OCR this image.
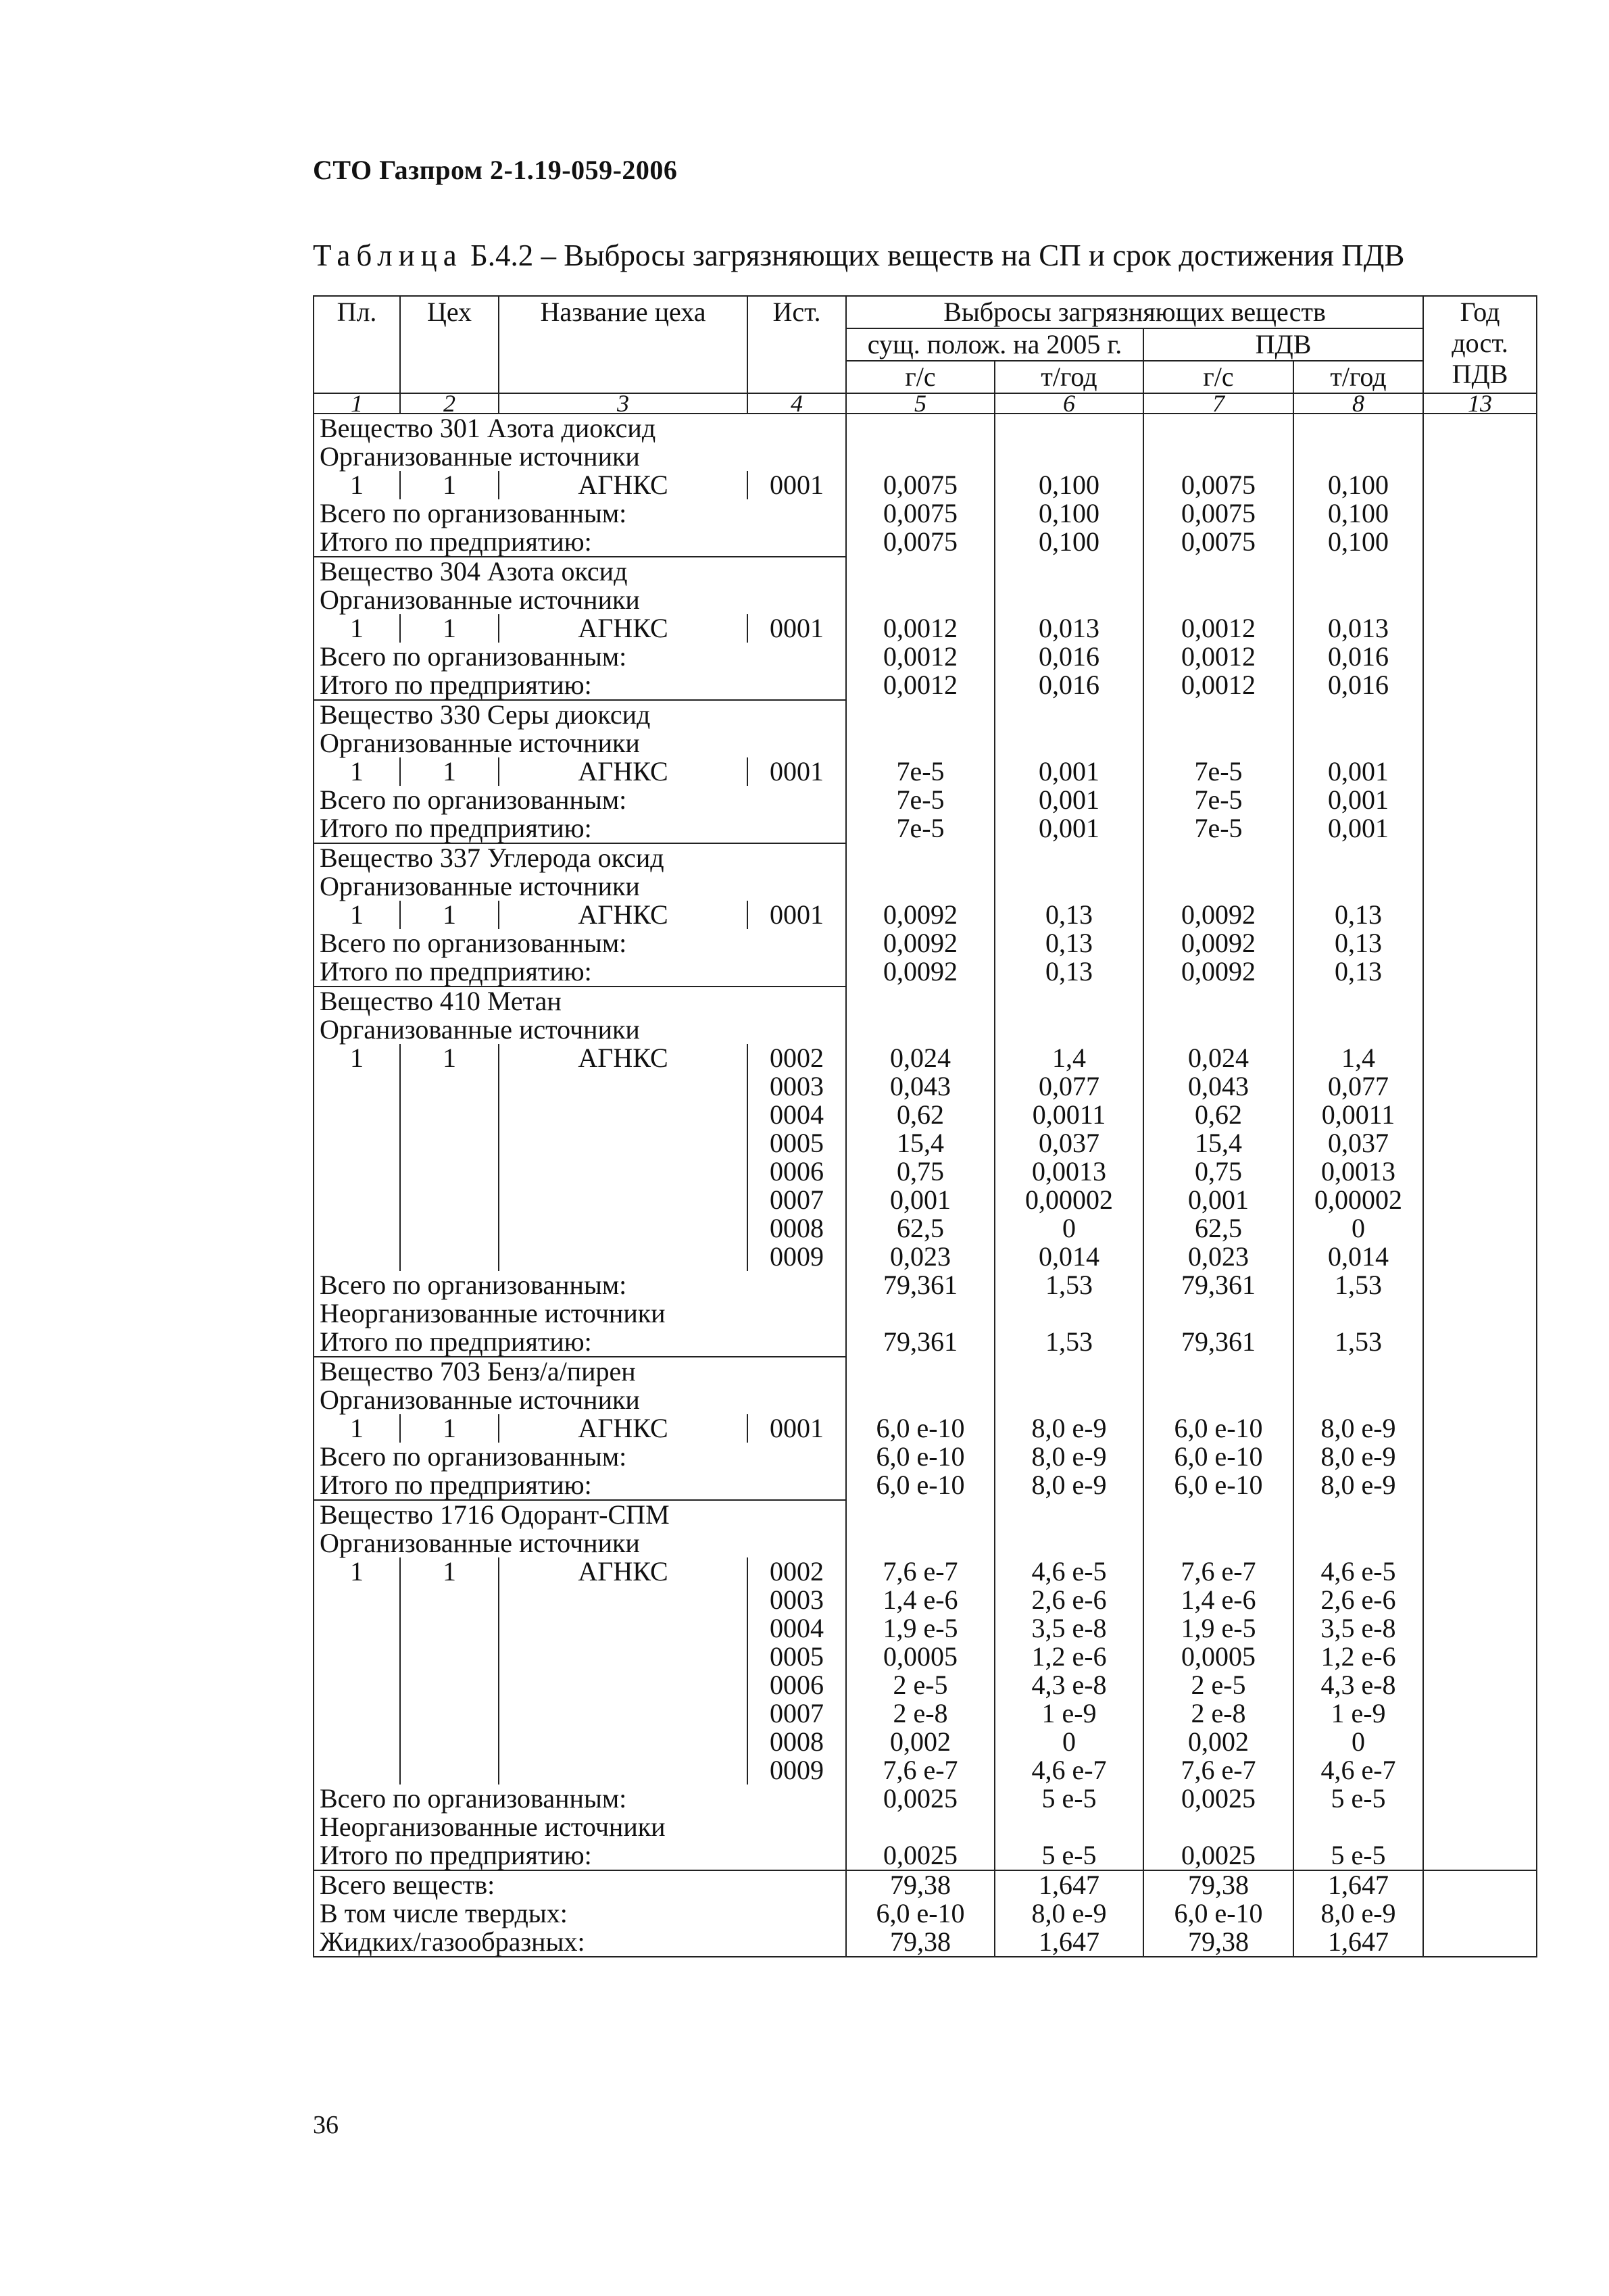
СТО Газпром 2-1.19-059-2006
Таблица Б.4.2 – Выбросы загрязняющих веществ на СП и срок достижения ПДВ
Пл.	Цех	Название цеха	Ист.	Выбросы загрязняющих веществ				Год дост. ПДВ
				сущ. полож. на 2005 г.		ПДВ		
				г/с	т/год	г/с	т/год	
1	2	3	4	5	6	7	8	13
Вещество 301 Азота диоксид								
Организованные источники								
1	1	АГНКС	0001	0,0075	0,100	0,0075	0,100	
Всего по организованным:				0,0075	0,100	0,0075	0,100	
Итого по предприятию:				0,0075	0,100	0,0075	0,100	
Вещество 304 Азота оксид								
Организованные источники								
1	1	АГНКС	0001	0,0012	0,013	0,0012	0,013	
Всего по организованным:				0,0012	0,016	0,0012	0,016	
Итого по предприятию:				0,0012	0,016	0,0012	0,016	
Вещество 330 Серы диоксид								
Организованные источники								
1	1	АГНКС	0001	7е-5	0,001	7е-5	0,001	
Всего по организованным:				7е-5	0,001	7е-5	0,001	
Итого по предприятию:				7е-5	0,001	7е-5	0,001	
Вещество 337 Углерода оксид								
Организованные источники								
1	1	АГНКС	0001	0,0092	0,13	0,0092	0,13	
Всего по организованным:				0,0092	0,13	0,0092	0,13	
Итого по предприятию:				0,0092	0,13	0,0092	0,13	
Вещество 410 Метан								
Организованные источники								
1	1	АГНКС	0002	0,024	1,4	0,024	1,4	
			0003	0,043	0,077	0,043	0,077	
			0004	0,62	0,0011	0,62	0,0011	
			0005	15,4	0,037	15,4	0,037	
			0006	0,75	0,0013	0,75	0,0013	
			0007	0,001	0,00002	0,001	0,00002	
			0008	62,5	0	62,5	0	
			0009	0,023	0,014	0,023	0,014	
Всего по организованным:				79,361	1,53	79,361	1,53	
Неорганизованные источники								
Итого по предприятию:				79,361	1,53	79,361	1,53	
Вещество 703 Бенз/а/пирен								
Организованные источники								
1	1	АГНКС	0001	6,0 е-10	8,0 е-9	6,0 е-10	8,0 е-9	
Всего по организованным:				6,0 е-10	8,0 е-9	6,0 е-10	8,0 е-9	
Итого по предприятию:				6,0 е-10	8,0 е-9	6,0 е-10	8,0 е-9	
Вещество 1716 Одорант-СПМ								
Организованные источники								
1	1	АГНКС	0002	7,6 е-7	4,6 е-5	7,6 е-7	4,6 е-5	
			0003	1,4 е-6	2,6 е-6	1,4 е-6	2,6 е-6	
			0004	1,9 е-5	3,5 е-8	1,9 е-5	3,5 е-8	
			0005	0,0005	1,2 е-6	0,0005	1,2 е-6	
			0006	2 е-5	4,3 е-8	2 е-5	4,3 е-8	
			0007	2 е-8	1 е-9	2 е-8	1 е-9	
			0008	0,002	0	0,002	0	
			0009	7,6 е-7	4,6 е-7	7,6 е-7	4,6 е-7	
Всего по организованным:				0,0025	5 е-5	0,0025	5 е-5	
Неорганизованные источники								
Итого по предприятию:				0,0025	5 е-5	0,0025	5 е-5	
Всего веществ:				79,38	1,647	79,38	1,647	
В том числе твердых:				6,0 е-10	8,0 е-9	6,0 е-10	8,0 е-9	
Жидких/газообразных:				79,38	1,647	79,38	1,647	
36
